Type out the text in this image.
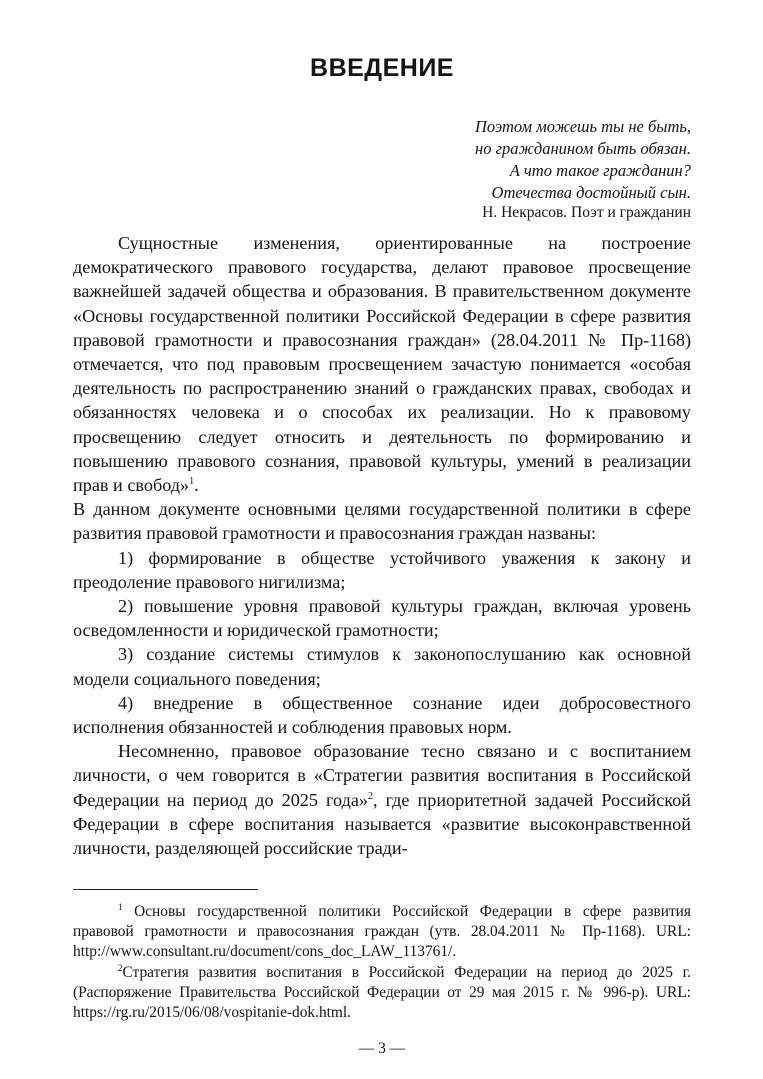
ВВЕДЕНИЕ
Поэтом можешь ты не быть,
но гражданином быть обязан.
А что такое гражданин?
Отечества достойный сын.
Н. Некрасов. Поэт и гражданин

Сущностные изменения, ориентированные на построение демократического правового государства, делают правовое просвещение важнейшей задачей общества и образования. В правительственном документе «Основы государственной политики Российской Федерации в сфере развития правовой грамотности и правосознания граждан» (28.04.2011 № Пр-1168) отмечается, что под правовым просвещением зачастую понимается «особая деятельность по распространению знаний о гражданских правах, свободах и обязанностях человека и о способах их реализации. Но к правовому просвещению следует относить и деятельность по формированию и повышению правового сознания, правовой культуры, умений в реализации прав и свобод»$^1$.

В данном документе основными целями государственной политики в сфере развития правовой грамотности и правосознания граждан названы:

1) формирование в обществе устойчивого уважения к закону и преодоление правового нигилизма;

2) повышение уровня правовой культуры граждан, включая уровень осведомленности и юридической грамотности;

3) создание системы стимулов к законопослушанию как основной модели социального поведения;

4) внедрение в общественное сознание идеи добросовестного исполнения обязанностей и соблюдения правовых норм.

Несомненно, правовое образование тесно связано и с воспитанием личности, о чем говорится в «Стратегии развития воспитания в Российской Федерации на период до 2025 года»$^2$, где приоритетной задачей Российской Федерации в сфере воспитания называется «развитие высоконравственной личности, разделяющей российские тради-

$^1$ Основы государственной политики Российской Федерации в сфере развития правовой грамотности и правосознания граждан (утв. 28.04.2011 № Пр-1168). URL: http://www.consultant.ru/document/cons_doc_LAW_113761/.

$^2$Стратегия развития воспитания в Российской Федерации на период до 2025 г. (Распоряжение Правительства Российской Федерации от 29 мая 2015 г. № 996-р). URL: https://rg.ru/2015/06/08/vospitanie-dok.html.

— 3 —
